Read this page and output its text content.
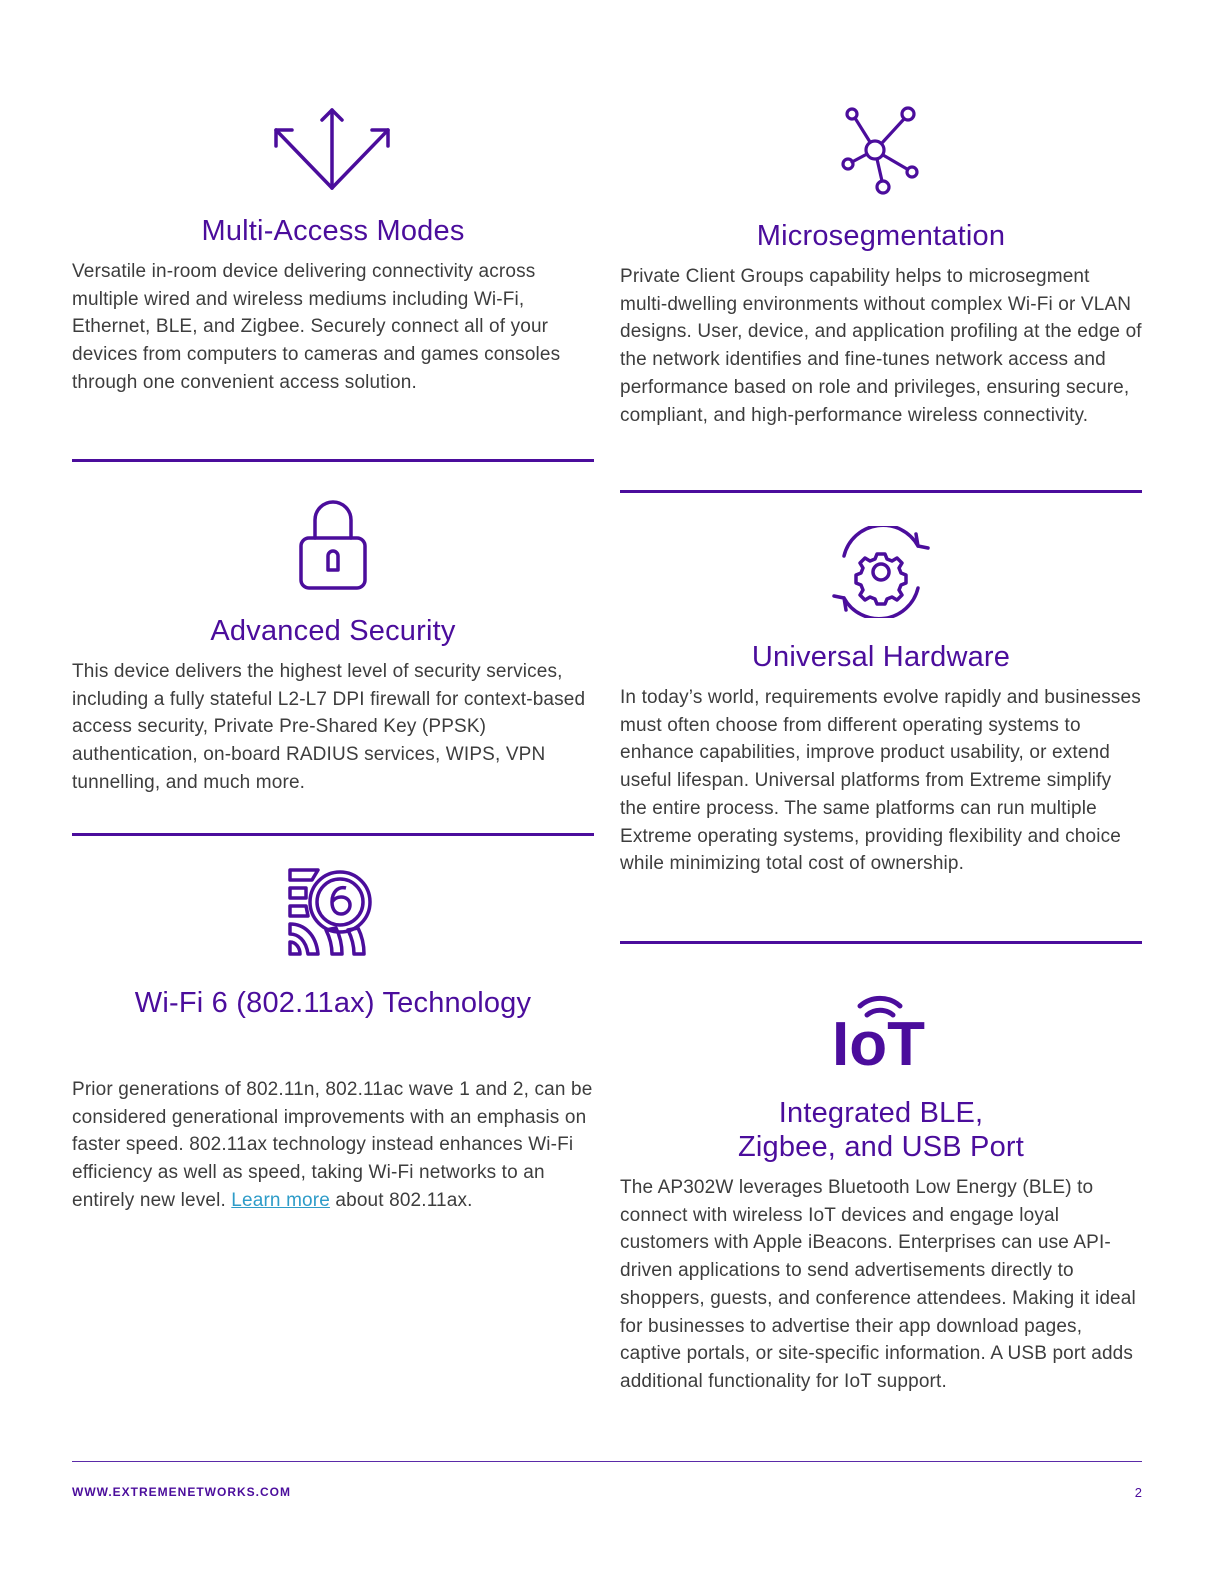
Multi-Access Modes
Versatile in-room device delivering connectivity across multiple wired and wireless mediums including Wi-Fi, Ethernet, BLE, and Zigbee. Securely connect all of your devices from computers to cameras and games consoles through one convenient access solution.
Advanced Security
This device delivers the highest level of security services, including a fully stateful L2-L7 DPI firewall for context-based access security, Private Pre-Shared Key (PPSK) authentication, on-board RADIUS services, WIPS, VPN tunnelling, and much more.
Wi-Fi 6 (802.11ax) Technology
Prior generations of 802.11n, 802.11ac wave 1 and 2, can be considered generational improvements with an emphasis on faster speed. 802.11ax technology instead enhances Wi-Fi efficiency as well as speed, taking Wi-Fi networks to an entirely new level. Learn more about 802.11ax.
Microsegmentation
Private Client Groups capability helps to microsegment multi-dwelling environments without complex Wi-Fi or VLAN designs. User, device, and application profiling at the edge of the network identifies and fine-tunes network access and performance based on role and privileges, ensuring secure, compliant, and high-performance wireless connectivity.
Universal Hardware
In today’s world, requirements evolve rapidly and businesses must often choose from different operating systems to enhance capabilities, improve product usability, or extend useful lifespan. Universal platforms from Extreme simplify the entire process. The same platforms can run multiple Extreme operating systems, providing flexibility and choice while minimizing total cost of ownership.
IoT
Integrated BLE,
Zigbee, and USB Port
The AP302W leverages Bluetooth Low Energy (BLE) to connect with wireless IoT devices and engage loyal customers with Apple iBeacons. Enterprises can use API-driven applications to send advertisements directly to shoppers, guests, and conference attendees. Making it ideal for businesses to advertise their app download pages, captive portals, or site-specific information. A USB port adds additional functionality for IoT support.
WWW.EXTREMENETWORKS.COM	2
